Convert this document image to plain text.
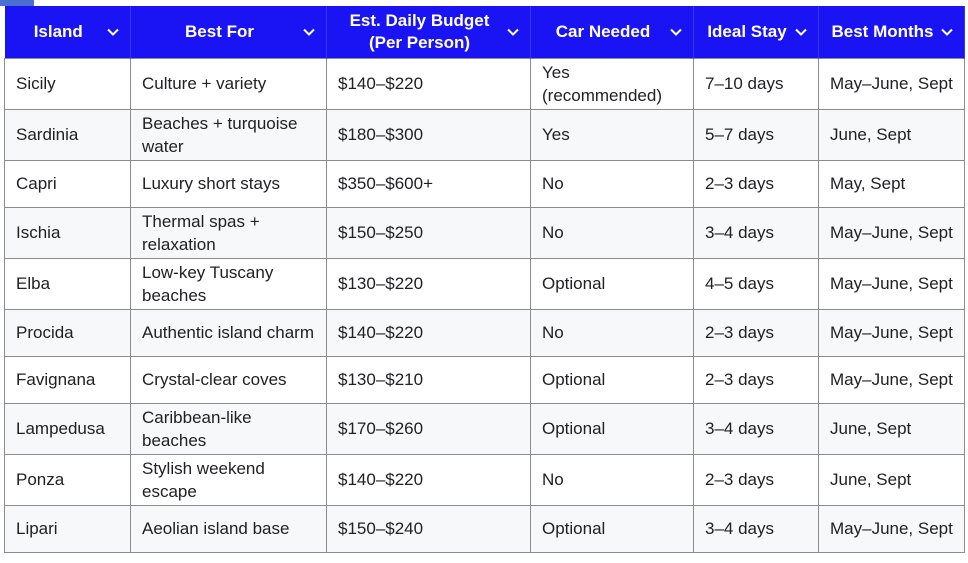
Island	Best For	Est. Daily Budget (Per Person)	Car Needed	Ideal Stay	Best Months

Sicily	Culture + variety	$140–$220	Yes (recommended)	7–10 days	May–June, Sept
Sardinia	Beaches + turquoise water	$180–$300	Yes	5–7 days	June, Sept
Capri	Luxury short stays	$350–$600+	No	2–3 days	May, Sept
Ischia	Thermal spas + relaxation	$150–$250	No	3–4 days	May–June, Sept
Elba	Low-key Tuscany beaches	$130–$220	Optional	4–5 days	May–June, Sept
Procida	Authentic island charm	$140–$220	No	2–3 days	May–June, Sept
Favignana	Crystal-clear coves	$130–$210	Optional	2–3 days	May–June, Sept
Lampedusa	Caribbean-like beaches	$170–$260	Optional	3–4 days	June, Sept
Ponza	Stylish weekend escape	$140–$220	No	2–3 days	June, Sept
Lipari	Aeolian island base	$150–$240	Optional	3–4 days	May–June, Sept
